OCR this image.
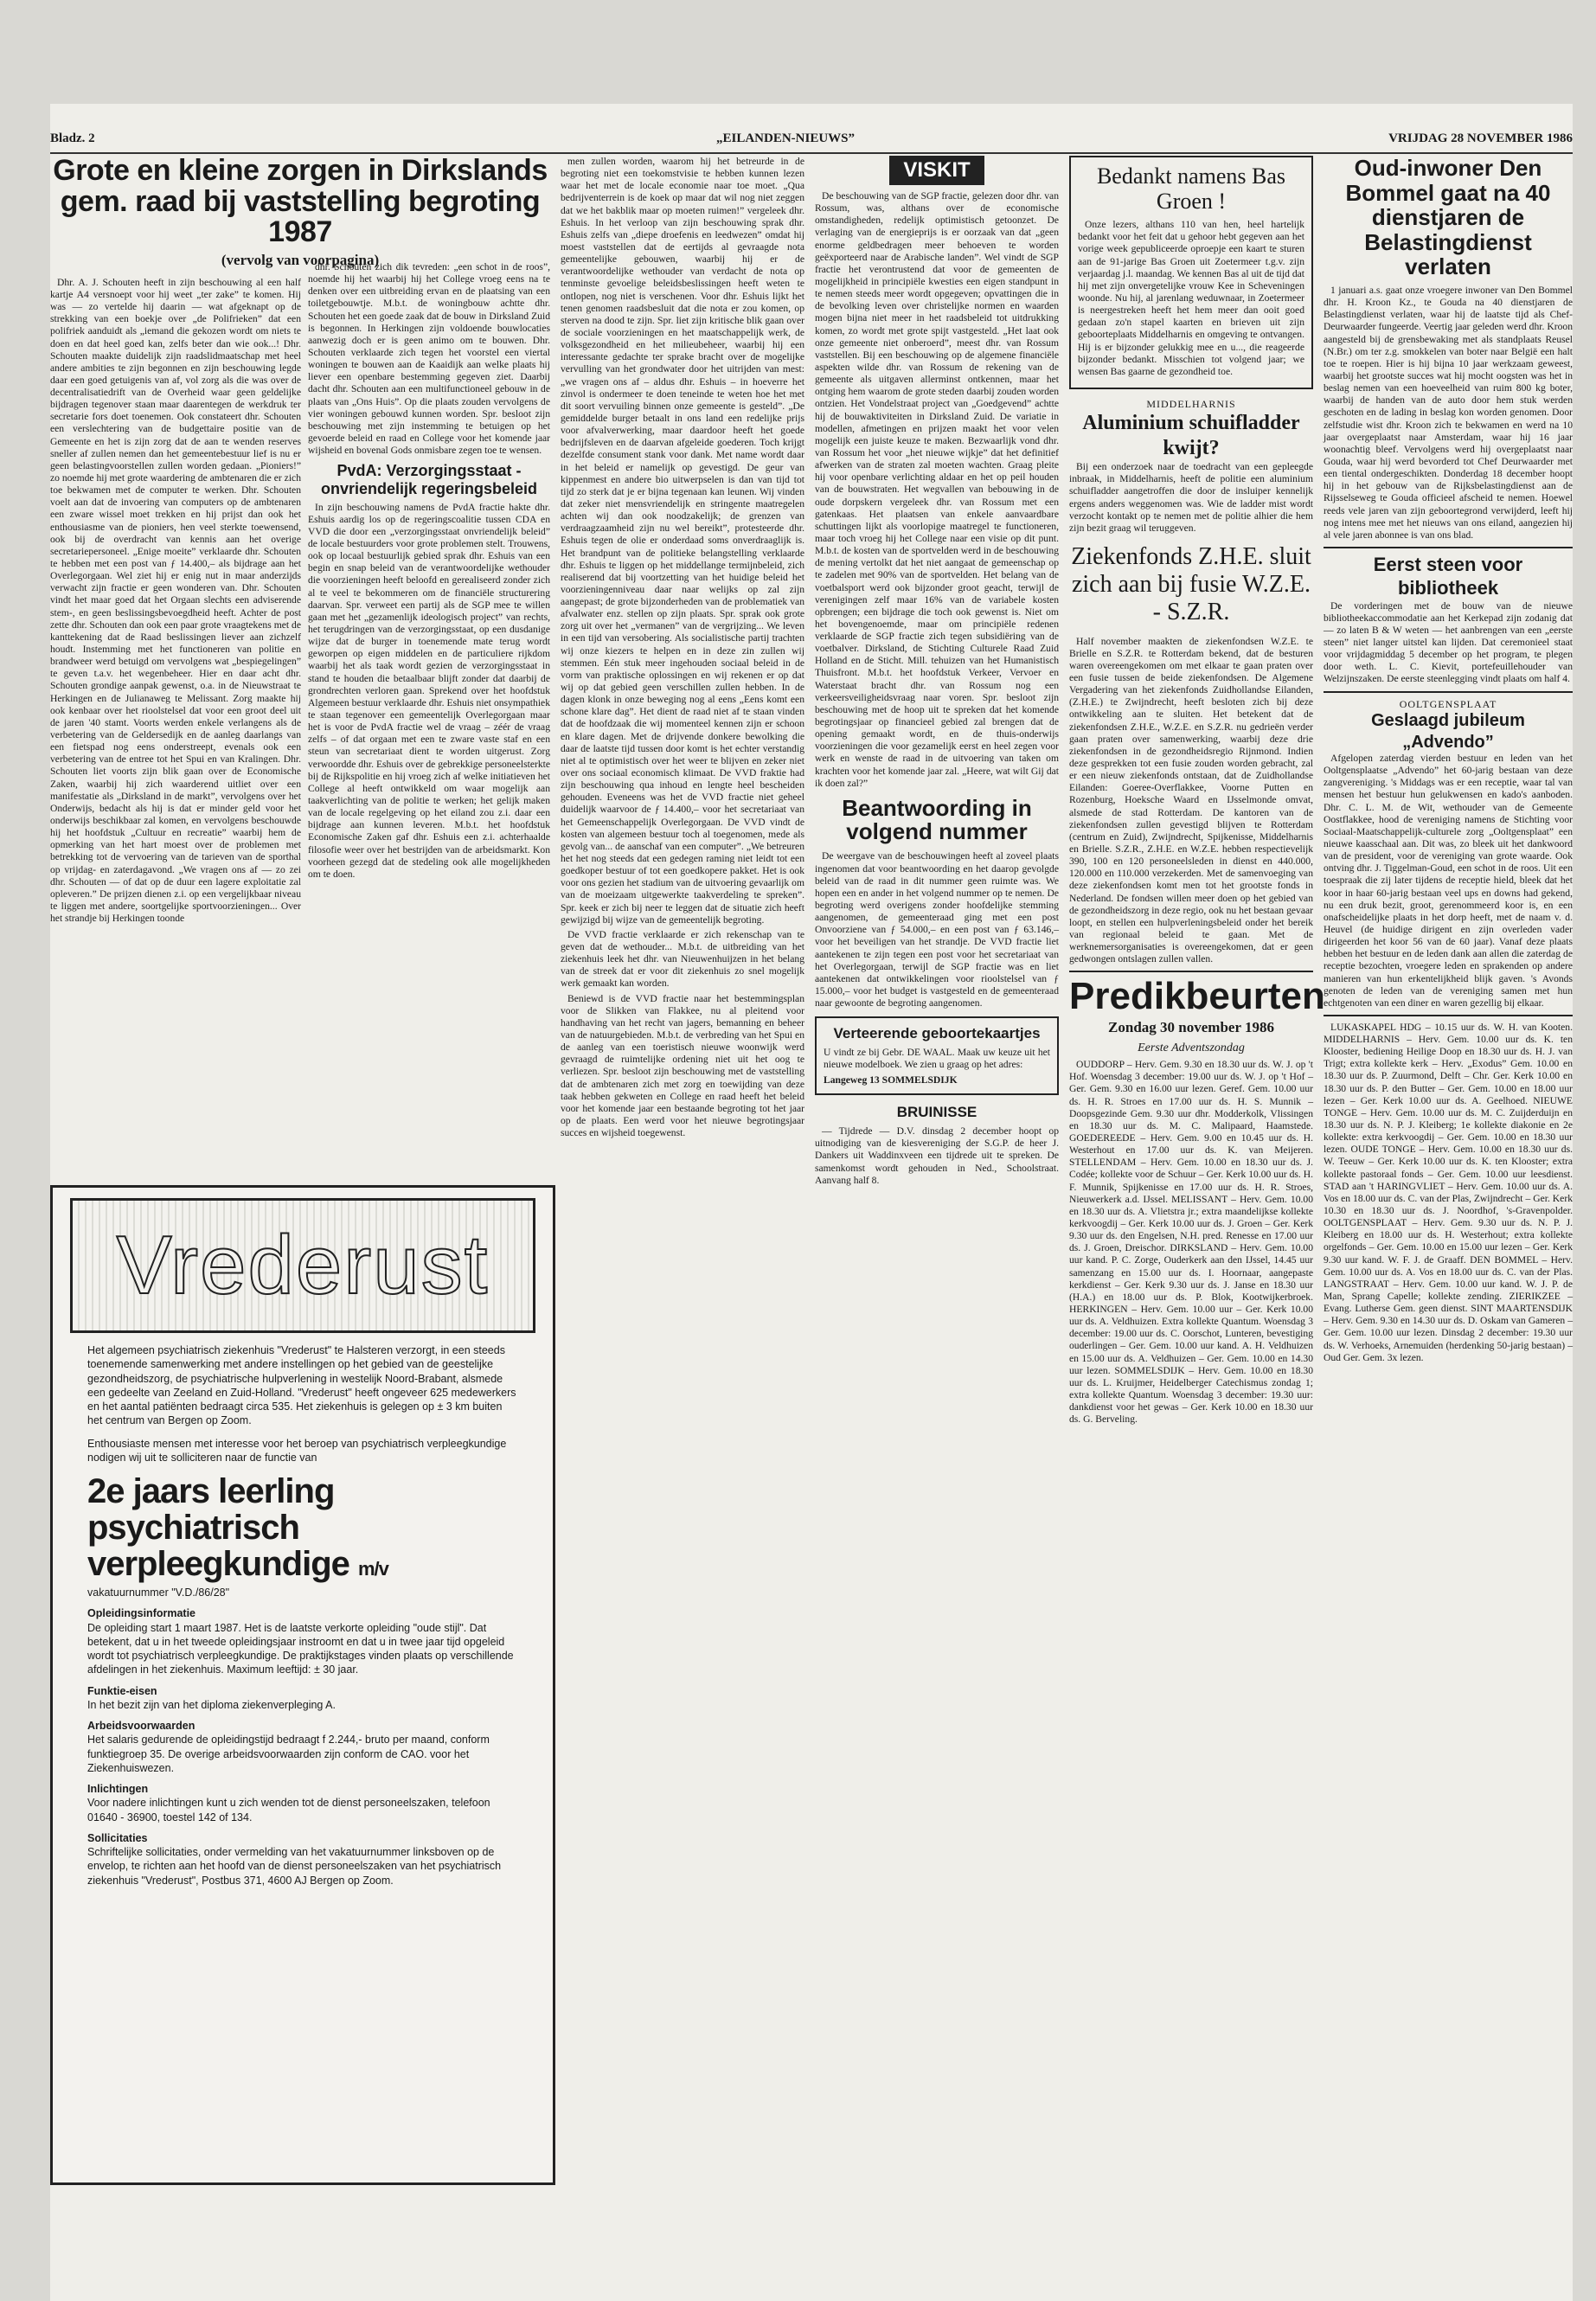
Bladz. 2	„EILANDEN-NIEUWS”	VRIJDAG 28 NOVEMBER 1986
Grote en kleine zorgen in Dirkslands gem. raad bij vaststelling begroting 1987
(vervolg van voorpagina)

Dhr. A. J. Schouten heeft in zijn beschouwing al een half kartje A4 versnoept voor hij weet „ter zake” te komen. Hij was — zo vertelde hij daarin — wat afgeknapt op de strekking van een boekje over „de Polifrieken” dat een polifriek aanduidt als „iemand die gekozen wordt om niets te doen en dat heel goed kan, zelfs beter dan wie ook...! Dhr. Schouten maakte duidelijk zijn raadslidmaatschap met heel andere ambities te zijn begonnen en zijn beschouwing legde daar een goed getuigenis van af, vol zorg als die was over de decentralisatiedrift van de Overheid waar geen geldelijke bijdragen tegenover staan maar daarentegen de werkdruk ter secretarie fors doet toenemen. Ook constateert dhr. Schouten een verslechtering van de budgettaire positie van de Gemeente en het is zijn zorg dat de aan te wenden reserves sneller af zullen nemen dan het gemeentebestuur lief is nu er geen belastingvoorstellen zullen worden gedaan. „Pioniers!” zo noemde hij met grote waardering de ambtenaren die er zich toe bekwamen met de computer te werken. Dhr. Schouten voelt aan dat de invoering van computers op de ambtenaren een zware wissel moet trekken en hij prijst dan ook het enthousiasme van de pioniers, hen veel sterkte toewensend, ook bij de overdracht van kennis aan het overige secretariepersoneel. „Enige moeite” verklaarde dhr. Schouten te hebben met een post van ƒ 14.400,– als bijdrage aan het Overlegorgaan. Wel ziet hij er enig nut in maar anderzijds verwacht zijn fractie er geen wonderen van. Dhr. Schouten vindt het maar goed dat het Orgaan slechts een adviserende stem-, en geen beslissingsbevoegdheid heeft. Achter de post zette dhr. Schouten dan ook een paar grote vraagtekens met de kanttekening dat de Raad beslissingen liever aan zichzelf houdt. Instemming met het functioneren van politie en brandweer werd betuigd om vervolgens wat „bespiegelingen” te geven t.a.v. het wegenbeheer. Hier en daar acht dhr. Schouten grondige aanpak gewenst, o.a. in de Nieuwstraat te Herkingen en de Julianaweg te Melissant. Zorg maakte hij ook kenbaar over het rioolstelsel dat voor een groot deel uit de jaren '40 stamt. Voorts werden enkele verlangens als de verbetering van de Geldersedijk en de aanleg daarlangs van een fietspad nog eens onderstreept, evenals ook een verbetering van de entree tot het Spui en van Kralingen. Dhr. Schouten liet voorts zijn blik gaan over de Economische Zaken, waarbij hij zich waarderend uitliet over een manifestatie als „Dirksland in de markt”, vervolgens over het Onderwijs, bedacht als hij is dat er minder geld voor het onderwijs beschikbaar zal komen, en vervolgens beschouwde hij het hoofdstuk „Cultuur en recreatie” waarbij hem de opmerking van het hart moest over de problemen met betrekking tot de vervoering van de tarieven van de sporthal op vrijdag- en zaterdagavond. „We vragen ons af — zo zei dhr. Schouten — of dat op de duur een lagere exploitatie zal opleveren.” De prijzen dienen z.i. op een vergelijkbaar niveau te liggen met andere, soortgelijke sportvoorzieningen... Over het strandje bij Herkingen toonde

dhr. Schouten zich dik tevreden: „een schot in de roos”, noemde hij het waarbij hij het College vroeg eens na te denken over een uitbreiding ervan en de plaatsing van een toiletgebouwtje. M.b.t. de woningbouw achtte dhr. Schouten het een goede zaak dat de bouw in Dirksland Zuid is begonnen. In Herkingen zijn voldoende bouwlocaties aanwezig doch er is geen animo om te bouwen. Dhr. Schouten verklaarde zich tegen het voorstel een viertal woningen te bouwen aan de Kaaidijk aan welke plaats hij liever een openbare bestemming gegeven ziet. Daarbij dacht dhr. Schouten aan een multifunctioneel gebouw in de plaats van „Ons Huis”. Op die plaats zouden vervolgens de vier woningen gebouwd kunnen worden. Spr. besloot zijn beschouwing met zijn instemming te betuigen op het gevoerde beleid en raad en College voor het komende jaar wijsheid en bovenal Gods onmisbare zegen toe te wensen.

PvdA: Verzorgingsstaat - onvriendelijk regeringsbeleid

In zijn beschouwing namens de PvdA fractie hakte dhr. Eshuis aardig los op de regeringscoalitie tussen CDA en VVD die door een „verzorgingsstaat onvriendelijk beleid” de locale bestuurders voor grote problemen stelt. Trouwens, ook op locaal bestuurlijk gebied sprak dhr. Eshuis van een begin en snap beleid van de verantwoordelijke wethouder die voorzieningen heeft beloofd en gerealiseerd zonder zich al te veel te bekommeren om de financiële structurering daarvan. Spr. verweet een partij als de SGP mee te willen gaan met het „gezamenlijk ideologisch project” van rechts, het terugdringen van de verzorgingsstaat, op een dusdanige wijze dat de burger in toenemende mate terug wordt geworpen op eigen middelen en de particuliere rijkdom waarbij het als taak wordt gezien de verzorgingsstaat in stand te houden die betaalbaar blijft zonder dat daarbij de grondrechten verloren gaan. Sprekend over het hoofdstuk Algemeen bestuur verklaarde dhr. Eshuis niet onsympathiek te staan tegenover een gemeentelijk Overlegorgaan maar het is voor de PvdA fractie wel de vraag – zéér de vraag zelfs – of dat orgaan met een te zware vaste staf en een steun van secretariaat dient te worden uitgerust. Zorg verwoordde dhr. Eshuis over de gebrekkige personeelsterkte bij de Rijkspolitie en hij vroeg zich af welke initiatieven het College al heeft ontwikkeld om waar mogelijk aan taakverlichting van de politie te werken; het gelijk maken van de locale regelgeving op het eiland zou z.i. daar een bijdrage aan kunnen leveren. M.b.t. het hoofdstuk Economische Zaken gaf dhr. Eshuis een z.i. achterhaalde filosofie weer over het bestrijden van de arbeidsmarkt. Kon voorheen gezegd dat de stedeling ook alle mogelijkheden om te doen.

Vrederust
Het algemeen psychiatrisch ziekenhuis "Vrederust" te Halsteren verzorgt, in een steeds toenemende samenwerking met andere instellingen op het gebied van de geestelijke gezondheidszorg, de psychiatrische hulpverlening in westelijk Noord-Brabant, alsmede een gedeelte van Zeeland en Zuid-Holland. "Vrederust" heeft ongeveer 625 medewerkers en het aantal patiënten bedraagt circa 535. Het ziekenhuis is gelegen op ± 3 km buiten het centrum van Bergen op Zoom.
Enthousiaste mensen met interesse voor het beroep van psychiatrisch verpleegkundige nodigen wij uit te solliciteren naar de functie van
2e jaars leerling psychiatrisch verpleegkundige m/v
vakatuurnummer "V.D./86/28"
Opleidingsinformatie
De opleiding start 1 maart 1987. Het is de laatste verkorte opleiding "oude stijl". Dat betekent, dat u in het tweede opleidingsjaar instroomt en dat u in twee jaar tijd opgeleid wordt tot psychiatrisch verpleegkundige. De praktijkstages vinden plaats op verschillende afdelingen in het ziekenhuis. Maximum leeftijd: ± 30 jaar.
Funktie-eisen
In het bezit zijn van het diploma ziekenverpleging A.
Arbeidsvoorwaarden
Het salaris gedurende de opleidingstijd bedraagt f 2.244,- bruto per maand, conform funktiegroep 35. De overige arbeidsvoorwaarden zijn conform de CAO. voor het Ziekenhuiswezen.
Inlichtingen
Voor nadere inlichtingen kunt u zich wenden tot de dienst personeelszaken, telefoon 01640 - 36900, toestel 142 of 134.
Sollicitaties
Schriftelijke sollicitaties, onder vermelding van het vakatuurnummer linksboven op de envelop, te richten aan het hoofd van de dienst personeelszaken van het psychiatrisch ziekenhuis "Vrederust", Postbus 371, 4600 AJ Bergen op Zoom.

men zullen worden, waarom hij het betreurde in de begroting niet een toekomstvisie te hebben kunnen lezen waar het met de locale economie naar toe moet. „Qua bedrijventerrein is de koek op maar dat wil nog niet zeggen dat we het bakblik maar op moeten ruimen!” vergeleek dhr. Eshuis. In het verloop van zijn beschouwing sprak dhr. Eshuis zelfs van „diepe droefenis en leedwezen” omdat hij moest vaststellen dat de eertijds al gevraagde nota gemeentelijke gebouwen, waarbij hij er de verantwoordelijke wethouder van verdacht de nota op tenminste gevoelige beleidsbeslissingen heeft weten te ontlopen, nog niet is verschenen. Voor dhr. Eshuis lijkt het tenen genomen raadsbesluit dat die nota er zou komen, op sterven na dood te zijn. Spr. liet zijn kritische blik gaan over de sociale voorzieningen en het maatschappelijk werk, de volksgezondheid en het milieubeheer, waarbij hij een interessante gedachte ter sprake bracht over de mogelijke vervulling van het grondwater door het uitrijden van mest: „we vragen ons af – aldus dhr. Eshuis – in hoeverre het zinvol is ondermeer te doen teneinde te weten hoe het met dit soort vervuiling binnen onze gemeente is gesteld”. „De gemiddelde burger betaalt in ons land een redelijke prijs voor afvalverwerking, maar daardoor heeft het goede bedrijfsleven en de daarvan afgeleide goederen. Toch krijgt dezelfde consument stank voor dank. Met name wordt daar in het beleid er namelijk op gevestigd. De geur van kippenmest en andere bio uitwerpselen is dan van tijd tot tijd zo sterk dat je er bijna tegenaan kan leunen. Wij vinden dat zeker niet mensvriendelijk en stringente maatregelen achten wij dan ook noodzakelijk; de grenzen van verdraagzaamheid zijn nu wel bereikt”, protesteerde dhr. Eshuis tegen de olie er onderdaad soms onverdraaglijk is. Het brandpunt van de politieke belangstelling verklaarde dhr. Eshuis te liggen op het middellange termijnbeleid, zich realiserend dat bij voortzetting van het huidige beleid het voorzieningenniveau daar naar welijks op zal zijn aangepast; de grote bijzonderheden van de problematiek van afvalwater enz. stellen op zijn plaats. Spr. sprak ook grote zorg uit over het „vermanen” van de vergrijzing... We leven in een tijd van versobering. Als socialistische partij trachten wij onze kiezers te helpen en in deze zin zullen wij stemmen. Eén stuk meer ingehouden sociaal beleid in de vorm van praktische oplossingen en wij rekenen er op dat wij op dat gebied geen verschillen zullen hebben. In de dagen klonk in onze beweging nog al eens „Eens komt een schone klare dag”. Het dient de raad niet af te staan vinden dat de hoofdzaak die wij momenteel kennen zijn er schoon en klare dagen. Met de drijvende donkere bewolking die daar de laatste tijd tussen door komt is het echter verstandig niet al te optimistisch over het weer te blijven en zeker niet over ons sociaal economisch klimaat. De VVD fraktie had zijn beschouwing qua inhoud en lengte heel bescheiden gehouden. Eveneens was het de VVD fractie niet geheel duidelijk waarvoor de ƒ 14.400,– voor het secretariaat van het Gemeenschappelijk Overlegorgaan. De VVD vindt de kosten van algemeen bestuur toch al toegenomen, mede als gevolg van... de aanschaf van een computer”. „We betreuren het het nog steeds dat een gedegen raming niet leidt tot een goedkoper bestuur of tot een goedkopere pakket. Het is ook voor ons gezien het stadium van de uitvoering gevaarlijk om van de moeizaam uitgewerkte taakverdeling te spreken”. Spr. keek er zich bij neer te leggen dat de situatie zich heeft gewijzigd bij wijze van de gemeentelijk begroting.

De VVD fractie verklaarde er zich rekenschap van te geven dat de wethouder... M.b.t. de uitbreiding van het ziekenhuis leek het dhr. van Nieuwenhuijzen in het belang van de streek dat er voor dit ziekenhuis zo snel mogelijk werk gemaakt kan worden.

Beniewd is de VVD fractie naar het bestemmingsplan voor de Slikken van Flakkee, nu al pleitend voor handhaving van het recht van jagers, bemanning en beheer van de natuurgebieden. M.b.t. de verbreding van het Spui en de aanleg van een toeristisch nieuwe woonwijk werd gevraagd de ruimtelijke ordening niet uit het oog te verliezen. Spr. besloot zijn beschouwing met de vaststelling dat de ambtenaren zich met zorg en toewijding van deze taak hebben gekweten en College en raad heeft het beleid voor het komende jaar een bestaande begroting tot het jaar op de plaats. Een werd voor het nieuwe begrotingsjaar succes en wijsheid toegewenst.

VISKIT

De beschouwing van de SGP fractie, gelezen door dhr. van Rossum, was, althans over de economische omstandigheden, redelijk optimistisch getoonzet. De verlaging van de energieprijs is er oorzaak van dat „geen enorme geldbedragen meer behoeven te worden geëxporteerd naar de Arabische landen”. Wel vindt de SGP fractie het verontrustend dat voor de gemeenten de mogelijkheid in principiële kwesties een eigen standpunt in te nemen steeds meer wordt opgegeven; opvattingen die in de bevolking leven over christelijke normen en waarden mogen bijna niet meer in het raadsbeleid tot uitdrukking komen, zo wordt met grote spijt vastgesteld. „Het laat ook onze gemeente niet onberoerd”, meest dhr. van Rossum vaststellen. Bij een beschouwing op de algemene financiële aspekten wilde dhr. van Rossum de rekening van de gemeente als uitgaven allerminst ontkennen, maar het ontging hem waarom de grote steden daarbij zouden worden ontzien. Het Vondelstraat project van „Goedgevend” achtte hij de bouwaktiviteiten in Dirksland Zuid. De variatie in modellen, afmetingen en prijzen maakt het voor velen mogelijk een juiste keuze te maken. Bezwaarlijk vond dhr. van Rossum het voor „het nieuwe wijkje” dat het definitief afwerken van de straten zal moeten wachten. Graag pleite hij voor openbare verlichting aldaar en het op peil houden van de bouwstraten. Het wegvallen van bebouwing in de oude dorpskern vergeleek dhr. van Rossum met een gatenkaas. Het plaatsen van enkele aanvaardbare schuttingen lijkt als voorlopige maatregel te functioneren, maar toch vroeg hij het College naar een visie op dit punt. M.b.t. de kosten van de sportvelden werd in de beschouwing de mening vertolkt dat het niet aangaat de gemeenschap op te zadelen met 90% van de sportvelden. Het belang van de voetbalsport werd ook bijzonder groot geacht, terwijl de verenigingen zelf maar 16% van de variabele kosten opbrengen; een bijdrage die toch ook gewenst is. Niet om het bovengenoemde, maar om principiële redenen verklaarde de SGP fractie zich tegen subsidiëring van de voetbalver. Dirksland, de Stichting Culturele Raad Zuid Holland en de Sticht. Mill. tehuizen van het Humanistisch Thuisfront. M.b.t. het hoofdstuk Verkeer, Vervoer en Waterstaat bracht dhr. van Rossum nog een verkeersveiligheidsvraag naar voren. Spr. besloot zijn beschouwing met de hoop uit te spreken dat het komende begrotingsjaar op financieel gebied zal brengen dat de opening gemaakt wordt, en de thuis-onderwijs voorzieningen die voor gezamelijk eerst en heel zegen voor werk en wenste de raad in de uitvoering van taken om krachten voor het komende jaar zal. „Heere, wat wilt Gij dat ik doen zal?”

Beantwoording in volgend nummer

De weergave van de beschouwingen heeft al zoveel plaats ingenomen dat voor beantwoording en het daarop gevolgde beleid van de raad in dit nummer geen ruimte was. We hopen een en ander in het volgend nummer op te nemen. De begroting werd overigens zonder hoofdelijke stemming aangenomen, de gemeenteraad ging met een post Onvoorziene van ƒ 54.000,– en een post van ƒ 63.146,– voor het beveiligen van het strandje. De VVD fractie liet aantekenen te zijn tegen een post voor het secretariaat van het Overlegorgaan, terwijl de SGP fractie was en liet aantekenen dat ontwikkelingen voor rioolstelsel van ƒ 15.000,– voor het budget is vastgesteld en de gemeenteraad naar gewoonte de begroting aangenomen.

Verteerende geboortekaartjes
U vindt ze bij Gebr. DE WAAL. Maak uw keuze uit het nieuwe modelboek. We zien u graag op het adres:
Langeweg 13 SOMMELSDIJK
BRUINISSE

— Tijdrede — D.V. dinsdag 2 december hoopt op uitnodiging van de kiesvereniging der S.G.P. de heer J. Dankers uit Waddinxveen een tijdrede uit te spreken. De samenkomst wordt gehouden in Ned., Schoolstraat. Aanvang half 8.

Bedankt namens Bas Groen !

Onze lezers, althans 110 van hen, heel hartelijk bedankt voor het feit dat u gehoor hebt gegeven aan het vorige week gepubliceerde oproepje een kaart te sturen aan de 91-jarige Bas Groen uit Zoetermeer t.g.v. zijn verjaardag j.l. maandag. We kennen Bas al uit de tijd dat hij met zijn onvergetelijke vrouw Kee in Scheveningen woonde. Nu hij, al jarenlang weduwnaar, in Zoetermeer is neergestreken heeft het hem meer dan ooit goed gedaan zo'n stapel kaarten en brieven uit zijn geboorteplaats Middelharnis en omgeving te ontvangen. Hij is er bijzonder gelukkig mee en u..., die reageerde bijzonder bedankt. Misschien tot volgend jaar; we wensen Bas gaarne de gezondheid toe.

MIDDELHARNIS
Aluminium schuifladder kwijt?

Bij een onderzoek naar de toedracht van een gepleegde inbraak, in Middelharnis, heeft de politie een aluminium schuifladder aangetroffen die door de insluiper kennelijk ergens anders weggenomen was. Wie de ladder mist wordt verzocht kontakt op te nemen met de politie alhier die hem zijn bezit graag wil teruggeven.

Ziekenfonds Z.H.E. sluit zich aan bij fusie W.Z.E. - S.Z.R.

Half november maakten de ziekenfondsen W.Z.E. te Brielle en S.Z.R. te Rotterdam bekend, dat de besturen waren overeengekomen om met elkaar te gaan praten over een fusie tussen de beide ziekenfondsen. De Algemene Vergadering van het ziekenfonds Zuidhollandse Eilanden, (Z.H.E.) te Zwijndrecht, heeft besloten zich bij deze ontwikkeling aan te sluiten. Het betekent dat de ziekenfondsen Z.H.E., W.Z.E. en S.Z.R. nu gedrieën verder gaan praten over samenwerking, waarbij deze drie ziekenfondsen in de gezondheidsregio Rijnmond. Indien deze gesprekken tot een fusie zouden worden gebracht, zal er een nieuw ziekenfonds ontstaan, dat de Zuidhollandse Eilanden: Goeree-Overflakkee, Voorne Putten en Rozenburg, Hoeksche Waard en IJsselmonde omvat, alsmede de stad Rotterdam. De kantoren van de ziekenfondsen zullen gevestigd blijven te Rotterdam (centrum en Zuid), Zwijndrecht, Spijkenisse, Middelharnis en Brielle. S.Z.R., Z.H.E. en W.Z.E. hebben respectievelijk 390, 100 en 120 personeelsleden in dienst en 440.000, 120.000 en 110.000 verzekerden. Met de samenvoeging van deze ziekenfondsen komt men tot het grootste fonds in Nederland. De fondsen willen meer doen op het gebied van de gezondheidszorg in deze regio, ook nu het bestaan gevaar loopt, en stellen een hulpverleningsbeleid onder het bereik van regionaal beleid te gaan. Met de werknemersorganisaties is overeengekomen, dat er geen gedwongen ontslagen zullen vallen.

Predikbeurten
Zondag 30 november 1986
Eerste Adventszondag

OUDDORP – Herv. Gem. 9.30 en 18.30 uur ds. W. J. op 't Hof. Woensdag 3 december: 19.00 uur ds. W. J. op 't Hof – Ger. Gem. 9.30 en 16.00 uur lezen. Geref. Gem. 10.00 uur ds. H. R. Stroes en 17.00 uur ds. H. S. Munnik – Doopsgezinde Gem. 9.30 uur dhr. Modderkolk, Vlissingen en 18.30 uur ds. M. C. Malipaard, Haamstede. GOEDEREEDE – Herv. Gem. 9.00 en 10.45 uur ds. H. Westerhout en 17.00 uur ds. K. van Meijeren. STELLENDAM – Herv. Gem. 10.00 en 18.30 uur ds. J. Codée; kollekte voor de Schuur – Ger. Kerk 10.00 uur ds. H. F. Munnik, Spijkenisse en 17.00 uur ds. H. R. Stroes, Nieuwerkerk a.d. IJssel. MELISSANT – Herv. Gem. 10.00 en 18.30 uur ds. A. Vlietstra jr.; extra maandelijkse kollekte kerkvoogdij – Ger. Kerk 10.00 uur ds. J. Groen – Ger. Kerk 9.30 uur ds. den Engelsen, N.H. pred. Renesse en 17.00 uur ds. J. Groen, Dreischor. DIRKSLAND – Herv. Gem. 10.00 uur kand. P. C. Zorge, Ouderkerk aan den IJssel, 14.45 uur samenzang en 15.00 uur ds. I. Hoornaar, aangepaste kerkdienst – Ger. Kerk 9.30 uur ds. J. Janse en 18.30 uur (H.A.) en 18.00 uur ds. P. Blok, Kootwijkerbroek. HERKINGEN – Herv. Gem. 10.00 uur – Ger. Kerk 10.00 uur ds. A. Veldhuizen. Extra kollekte Quantum. Woensdag 3 december: 19.00 uur ds. C. Oorschot, Lunteren, bevestiging ouderlingen – Ger. Gem. 10.00 uur kand. A. H. Veldhuizen en 15.00 uur ds. A. Veldhuizen – Ger. Gem. 10.00 en 14.30 uur lezen. SOMMELSDIJK – Herv. Gem. 10.00 en 18.30 uur ds. L. Kruijmer, Heidelberger Catechismus zondag 1; extra kollekte Quantum. Woensdag 3 december: 19.30 uur: dankdienst voor het gewas – Ger. Kerk 10.00 en 18.30 uur ds. G. Berveling.

Oud-inwoner Den Bommel gaat na 40 dienstjaren de Belastingdienst verlaten

1 januari a.s. gaat onze vroegere inwoner van Den Bommel dhr. H. Kroon Kz., te Gouda na 40 dienstjaren de Belastingdienst verlaten, waar hij de laatste tijd als Chef-Deurwaarder fungeerde. Veertig jaar geleden werd dhr. Kroon aangesteld bij de grensbewaking met als standplaats Reusel (N.Br.) om ter z.g. smokkelen van boter naar België een halt toe te roepen. Hier is hij bijna 10 jaar werkzaam geweest, waarbij het grootste succes wat hij mocht oogsten was het in beslag nemen van een hoeveelheid van ruim 800 kg boter, waarbij de handen van de auto door hem stuk werden geschoten en de lading in beslag kon worden genomen. Door zelfstudie wist dhr. Kroon zich te bekwamen en werd na 10 jaar overgeplaatst naar Amsterdam, waar hij 16 jaar woonachtig bleef. Vervolgens werd hij overgeplaatst naar Gouda, waar hij werd bevorderd tot Chef Deurwaarder met een tiental ondergeschikten. Donderdag 18 december hoopt hij in het gebouw van de Rijksbelastingdienst aan de Rijsselseweg te Gouda officieel afscheid te nemen. Hoewel reeds vele jaren van zijn geboortegrond verwijderd, leeft hij nog intens mee met het nieuws van ons eiland, aangezien hij al vele jaren abonnee is van ons blad.

Eerst steen voor bibliotheek

De vorderingen met de bouw van de nieuwe bibliotheekaccommodatie aan het Kerkepad zijn zodanig dat — zo laten B & W weten — het aanbrengen van een „eerste steen” niet langer uitstel kan lijden. Dat ceremonieel staat voor vrijdagmiddag 5 december op het program, te plegen door weth. L. C. Kievit, portefeuillehouder van Welzijnszaken. De eerste steenlegging vindt plaats om half 4.

OOLTGENSPLAAT
Geslaagd jubileum „Advendo”

Afgelopen zaterdag vierden bestuur en leden van het Ooltgensplaatse „Advendo” het 60-jarig bestaan van deze zangvereniging. 's Middags was er een receptie, waar tal van mensen het bestuur hun gelukwensen en kado's aanboden. Dhr. C. L. M. de Wit, wethouder van de Gemeente Oostflakkee, hood de vereniging namens de Stichting voor Sociaal-Maatschappelijk-culturele zorg „Ooltgensplaat” een nieuwe kaasschaal aan. Dit was, zo bleek uit het dankwoord van de president, voor de vereniging van grote waarde. Ook ontving dhr. J. Tiggelman-Goud, een schot in de roos. Uit een toespraak die zij later tijdens de receptie hield, bleek dat het koor in haar 60-jarig bestaan veel ups en downs had gekend, nu een druk bezit, groot, gerenommeerd koor is, en een onafscheidelijke plaats in het dorp heeft, met de naam v. d. Heuvel (de huidige dirigent en zijn overleden vader dirigeerden het koor 56 van de 60 jaar). Vanaf deze plaats hebben het bestuur en de leden dank aan allen die zaterdag de receptie bezochten, vroegere leden en sprakenden op andere manieren van hun erkentelijkheid blijk gaven. 's Avonds genoten de leden van de vereniging samen met hun echtgenoten van een diner en waren gezellig bij elkaar.

LUKASKAPEL HDG – 10.15 uur ds. W. H. van Kooten. MIDDELHARNIS – Herv. Gem. 10.00 uur ds. K. ten Klooster, bediening Heilige Doop en 18.30 uur ds. H. J. van Trigt; extra kollekte kerk – Herv. „Exodus” Gem. 10.00 en 18.30 uur ds. P. Zuurmond, Delft – Chr. Ger. Kerk 10.00 en 18.30 uur ds. P. den Butter – Ger. Gem. 10.00 en 18.00 uur lezen – Ger. Kerk 10.00 uur ds. A. Geelhoed. NIEUWE TONGE – Herv. Gem. 10.00 uur ds. M. C. Zuijderduijn en 18.30 uur ds. N. P. J. Kleiberg; 1e kollekte diakonie en 2e kollekte: extra kerkvoogdij – Ger. Gem. 10.00 en 18.30 uur lezen. OUDE TONGE – Herv. Gem. 10.00 en 18.30 uur ds. W. Teeuw – Ger. Kerk 10.00 uur ds. K. ten Klooster; extra kollekte pastoraal fonds – Ger. Gem. 10.00 uur leesdienst. STAD aan 't HARINGVLIET – Herv. Gem. 10.00 uur ds. A. Vos en 18.00 uur ds. C. van der Plas, Zwijndrecht – Ger. Kerk 10.30 en 18.30 uur ds. J. Noordhof, 's-Gravenpolder. OOLTGENSPLAAT – Herv. Gem. 9.30 uur ds. N. P. J. Kleiberg en 18.00 uur ds. H. Westerhout; extra kollekte orgelfonds – Ger. Gem. 10.00 en 15.00 uur lezen – Ger. Kerk 9.30 uur kand. W. F. J. de Graaff. DEN BOMMEL – Herv. Gem. 10.00 uur ds. A. Vos en 18.00 uur ds. C. van der Plas. LANGSTRAAT – Herv. Gem. 10.00 uur kand. W. J. P. de Man, Sprang Capelle; kollekte zending. ZIERIKZEE – Evang. Lutherse Gem. geen dienst. SINT MAARTENSDIJK – Herv. Gem. 9.30 en 14.30 uur ds. D. Oskam van Gameren – Ger. Gem. 10.00 uur lezen. Dinsdag 2 december: 19.30 uur ds. W. Verhoeks, Arnemuiden (herdenking 50-jarig bestaan) – Oud Ger. Gem. 3x lezen.
